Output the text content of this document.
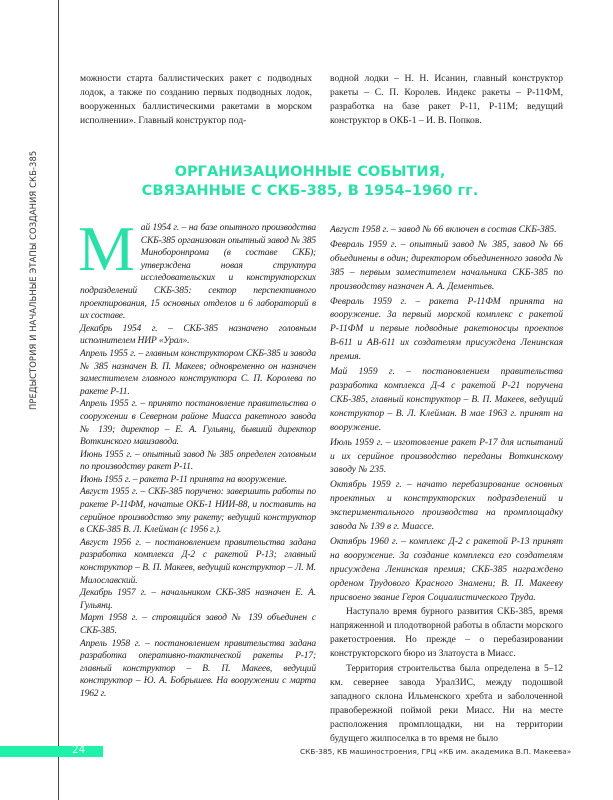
ПРЕДЫСТОРИЯ И НАЧАЛЬНЫЕ ЭТАПЫ СОЗДАНИЯ СКБ-385
можности старта баллистических ракет с подводных лодок, а также по созданию первых подводных лодок, вооруженных баллистическими ракетами в морском исполнении». Главный конструктор под-
водной лодки – Н. Н. Исанин, главный конструктор ракеты – С. П. Королев. Индекс ракеты – Р-11ФМ, разработка на базе ракет Р-11, Р-11М; ведущий конструктор в ОКБ-1 – И. В. Попков.
ОРГАНИЗАЦИОННЫЕ СОБЫТИЯ,
СВЯЗАННЫЕ С СКБ-385, В 1954–1960 гг.

Май 1954 г. – на базе опытного производства СКБ-385 организован опытный завод № 385 Миноборонпрома (в составе СКБ); утверждена новая структура исследовательских и конструкторских подразделений СКБ-385: сектор перспективного проектирования, 15 основных отделов и 6 лабораторий в их составе.

Декабрь 1954 г. – СКБ-385 назначено головным исполнителем НИР «Урал».

Апрель 1955 г. – главным конструктором СКБ-385 и завода № 385 назначен В. П. Макеев; одновременно он назначен заместителем главного конструктора С. П. Королева по ракете Р-11.

Апрель 1955 г. – принято постановление правительства о сооружении в Северном районе Миасса ракетного завода № 139; директор – Е. А. Гульянц, бывший директор Воткинского машзавода.

Июнь 1955 г. – опытный завод № 385 определен головным по производству ракет Р-11.

Июнь 1955 г. – ракета Р-11 принята на вооружение.

Август 1955 г. – СКБ-385 поручено: завершить работы по ракете Р-11ФМ, начатые ОКБ-1 НИИ-88, и поставить на серийное производство эту ракету; ведущий конструктор в СКБ-385 В. Л. Клейман (с 1956 г.).

Август 1956 г. – постановлением правительства задана разработка комплекса Д-2 с ракетой Р-13; главный конструктор – В. П. Макеев, ведущий конструктор – Л. М. Милославский.

Декабрь 1957 г. – начальником СКБ-385 назначен Е. А. Гульянц.

Март 1958 г. – строящийся завод № 139 объединен с СКБ-385.

Апрель 1958 г. – постановлением правительства задана разработка оперативно-тактической ракеты Р-17; главный конструктор – В. П. Макеев, ведущий конструктор – Ю. А. Бобрышев. На вооружении с марта 1962 г.

Август 1958 г. – завод № 66 включен в состав СКБ-385.

Февраль 1959 г. – опытный завод № 385, завод № 66 объединены в один; директором объединенного завода № 385 – первым заместителем начальника СКБ-385 по производству назначен А. А. Дементьев.

Февраль 1959 г. – ракета Р-11ФМ принята на вооружение. За первый морской комплекс с ракетой Р-11ФМ и первые подводные ракетоносцы проектов В-611 и АВ-611 их создателям присуждена Ленинская премия.

Май 1959 г. – постановлением правительства разработка комплекса Д-4 с ракетой Р-21 поручена СКБ-385, главный конструктор – В. П. Макеев, ведущий конструктор – В. Л. Клейман. В мае 1963 г. принят на вооружение.

Июль 1959 г. – изготовление ракет Р-17 для испытаний и их серийное производство переданы Воткинскому заводу № 235.

Октябрь 1959 г. – начато перебазирование основных проектных и конструкторских подразделений и экспериментального производства на промплощадку завода № 139 в г. Миассе.

Октябрь 1960 г. – комплекс Д-2 с ракетой Р-13 принят на вооружение. За создание комплекса его создателям присуждена Ленинская премия; СКБ-385 награждено орденом Трудового Красного Знамени; В. П. Макееву присвоено звание Героя Социалистического Труда.

Наступало время бурного развития СКБ-385, время напряженной и плодотворной работы в области морского ракетостроения. Но прежде – о перебазировании конструкторского бюро из Златоуста в Миасс.

Территория строительства была определена в 5–12 км. севернее завода УралЗИС, между подошвой западного склона Ильменского хребта и заболоченной правобережной поймой реки Миасс. Ни на месте расположения промплощадки, ни на территории будущего жилпоселка в то время не было

24	СКБ-385, КБ машиностроения, ГРЦ «КБ им. академика В.П. Макеева»
